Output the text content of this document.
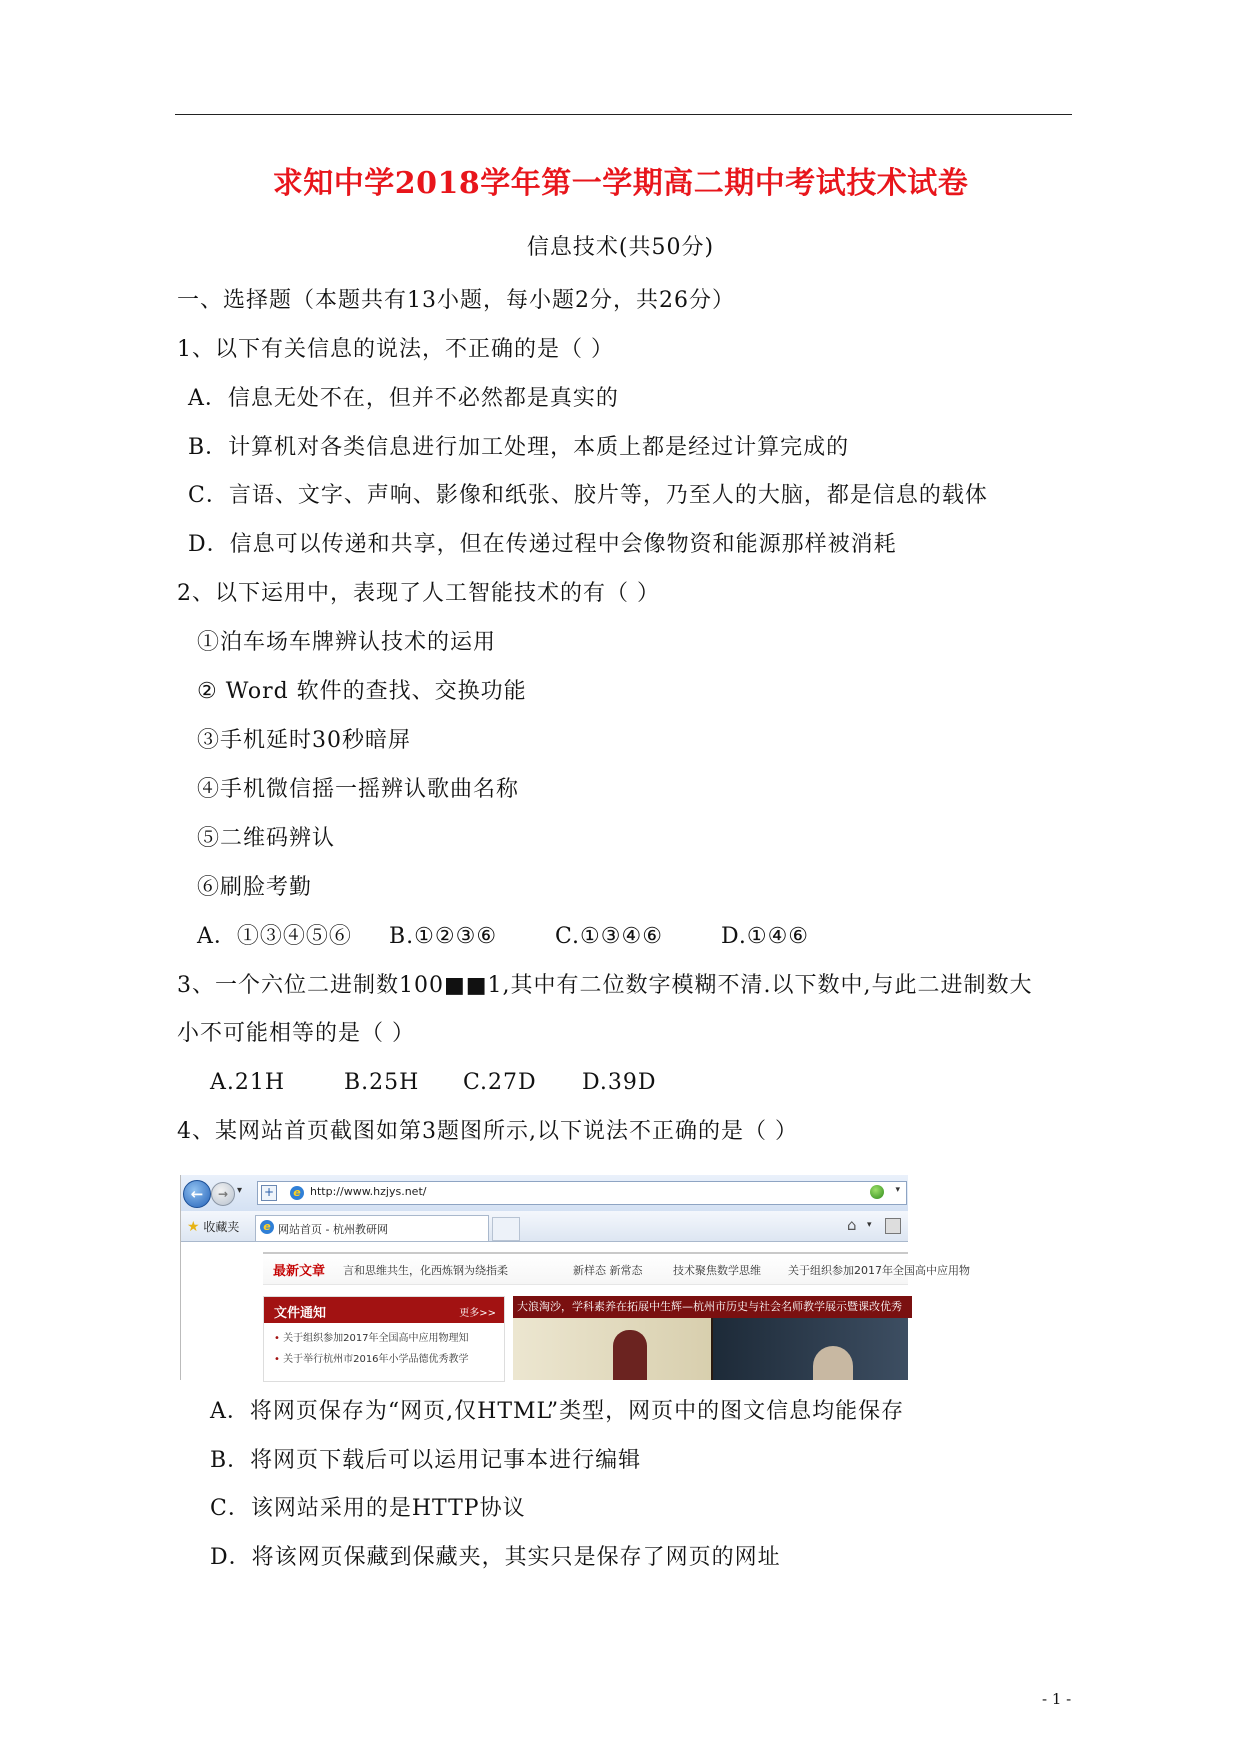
求知中学2018学年第一学期高二期中考试技术试卷
信息技术(共50分)
一、选择题（本题共有13小题，每小题2分，共26分）
1、以下有关信息的说法，不正确的是（ ）
A．信息无处不在，但并不必然都是真实的
B．计算机对各类信息进行加工处理，本质上都是经过计算完成的
C．言语、文字、声响、影像和纸张、胶片等，乃至人的大脑，都是信息的载体
D．信息可以传递和共享，但在传递过程中会像物资和能源那样被消耗
2、以下运用中，表现了人工智能技术的有（ ）
①泊车场车牌辨认技术的运用
② Word 软件的查找、交换功能
③手机延时30秒暗屏
④手机微信摇一摇辨认歌曲名称
⑤二维码辨认
⑥刷脸考勤
A．①③④⑤⑥ B.①②③⑥	C.①③④⑥	D.①④⑥
3、一个六位二进制数100■■1,其中有二位数字模糊不清.以下数中,与此二进制数大
小不可能相等的是（ ）
A.21H	B.25H C.27D D.39D
4、某网站首页截图如第3题图所示,以下说法不正确的是（ ）
←	→ ▾ + e http://www.hzjys.net/	▾
★ 收藏夹 e 网站首页 - 杭州教研网	⌂ ▾
最新文章 言和思维共生，化西炼钢为绕指柔	新样态 新常态	技术聚焦数学思维 关于组织参加2017年全国高中应用物
文件通知	更多>>
• 关于组织参加2017年全国高中应用物理知
• 关于举行杭州市2016年小学品德优秀教学
大浪淘沙，学科素养在拓展中生辉—杭州市历史与社会名师教学展示暨课改优秀
A．将网页保存为“网页,仅HTML”类型，网页中的图文信息均能保存
B．将网页下载后可以运用记事本进行编辑
C．该网站采用的是HTTP协议
D．将该网页保藏到保藏夹，其实只是保存了网页的网址
- 1 -
